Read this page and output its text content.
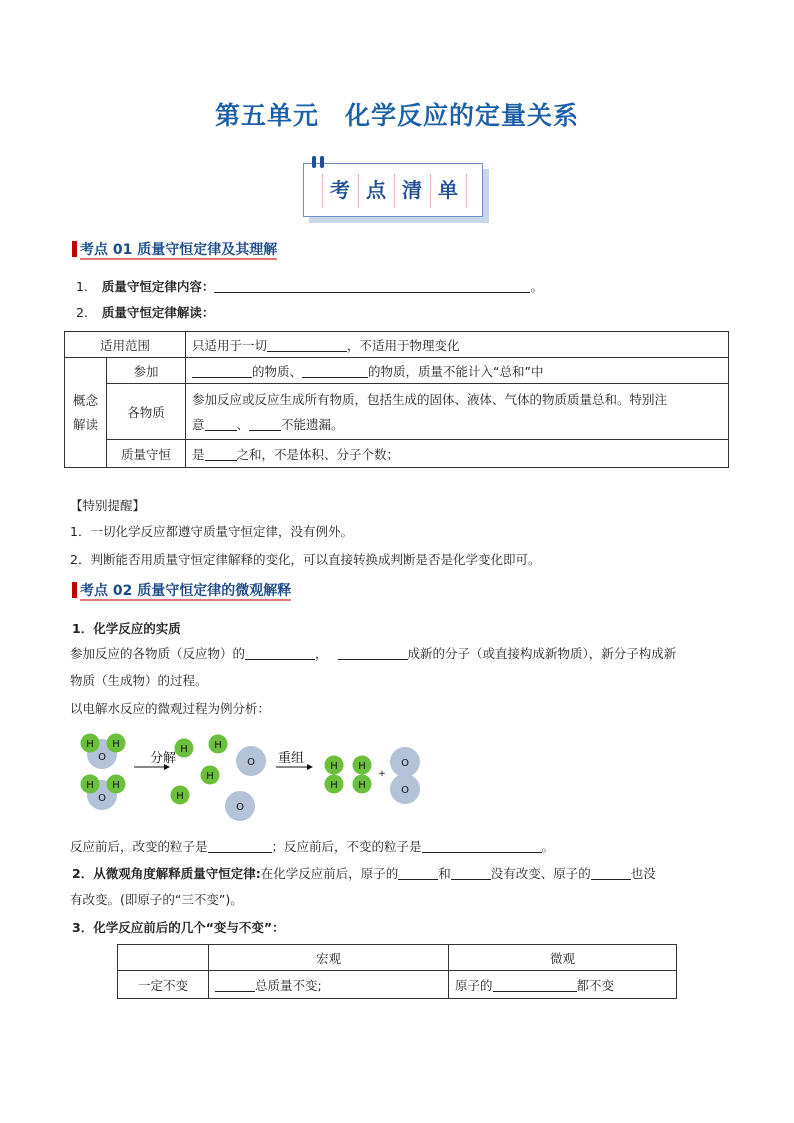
第五单元 化学反应的定量关系
考 点 清 单
考点 01 质量守恒定律及其理解
1. 质量守恒定律内容：	。
2. 质量守恒定律解读：
适用范围		只适用于一切 ，不适用于物理变化

概念解读	参加	的物质、 的物质，质量不能计入“总和”中
	各物质	参加反应或反应生成所有物质，包括生成的固体、液体、气体的物质质量总和。特别注
意 、 不能遗漏。

	质量守恒	是 之和，不是体积、分子个数；
【特别提醒】
1．一切化学反应都遵守质量守恒定律，没有例外。
2．判断能否用质量守恒定律解释的变化，可以直接转换成判断是否是化学变化即可。
考点 02 质量守恒定律的微观解释
1．化学反应的实质
参加反应的各物质（反应物）的	，	成新的分子（或直接构成新物质），新分子构成新
物质（生成物）的过程。
以电解水反应的微观过程为例分析：
H H
O
H H
O
分解
H	H
H
H
O
O
重组
H
H
H
H
+
O
O
反应前后，改变的粒子是	；反应前后，不变的粒子是	。
2．从微观角度解释质量守恒定律:在化学反应前后，原子的	和	没有改变、原子的	也没
有改变。(即原子的“三不变”)。
3．化学反应前后的几个“变与不变”：
	宏观	微观
一定不变	总质量不变;	原子的 都不变
